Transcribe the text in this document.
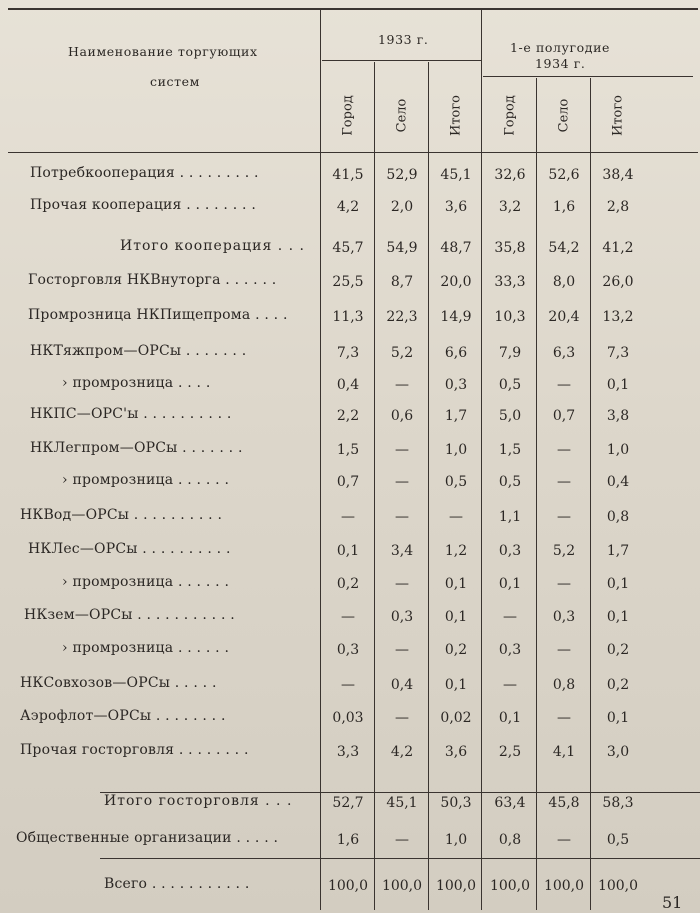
Наименование торгующих
систем
1933 г.
1-е полугодие
1934 г.
Город	Село	Итого	Город	Село	Итого
Потребкооперация . . . . . . . . .	41,5	52,9	45,1	32,6	52,6	38,4
Прочая кооперация . . . . . . . .	4,2	2,0	3,6	3,2	1,6	2,8
Итого кооперация . . .	45,7	54,9	48,7	35,8	54,2	41,2
Госторговля НКВнуторга . . . . . .	25,5	8,7	20,0	33,3	8,0	26,0
Промрозница НКПищепрома . . . .	11,3	22,3	14,9	10,3	20,4	13,2
НКТяжпром—ОРСы . . . . . . .	7,3	5,2	6,6	7,9	6,3	7,3
› промрозница . . . .	0,4	—	0,3	0,5	—	0,1
НКПС—ОРС'ы . . . . . . . . . .	2,2	0,6	1,7	5,0	0,7	3,8
НКЛегпром—ОРСы . . . . . . .	1,5	—	1,0	1,5	—	1,0
› промрозница . . . . . .	0,7	—	0,5	0,5	—	0,4
НКВод—ОРСы . . . . . . . . . .	—	—	—	1,1	—	0,8
НКЛес—ОРСы . . . . . . . . . .	0,1	3,4	1,2	0,3	5,2	1,7
› промрозница . . . . . .	0,2	—	0,1	0,1	—	0,1
НКзем—ОРСы . . . . . . . . . . .	—	0,3	0,1	—	0,3	0,1
› промрозница . . . . . .	0,3	—	0,2	0,3	—	0,2
НКСовхозов—ОРСы . . . . .	—	0,4	0,1	—	0,8	0,2
Аэрофлот—ОРСы . . . . . . . .	0,03	—	0,02	0,1	—	0,1
Прочая госторговля . . . . . . . .	3,3	4,2	3,6	2,5	4,1	3,0
Итого госторговля . . .	52,7	45,1	50,3	63,4	45,8	58,3
Общественные организации . . . . .	1,6	—	1,0	0,8	—	0,5
Всего . . . . . . . . . . .	100,0 100,0 100,0 100,0 100,0 100,0
51
